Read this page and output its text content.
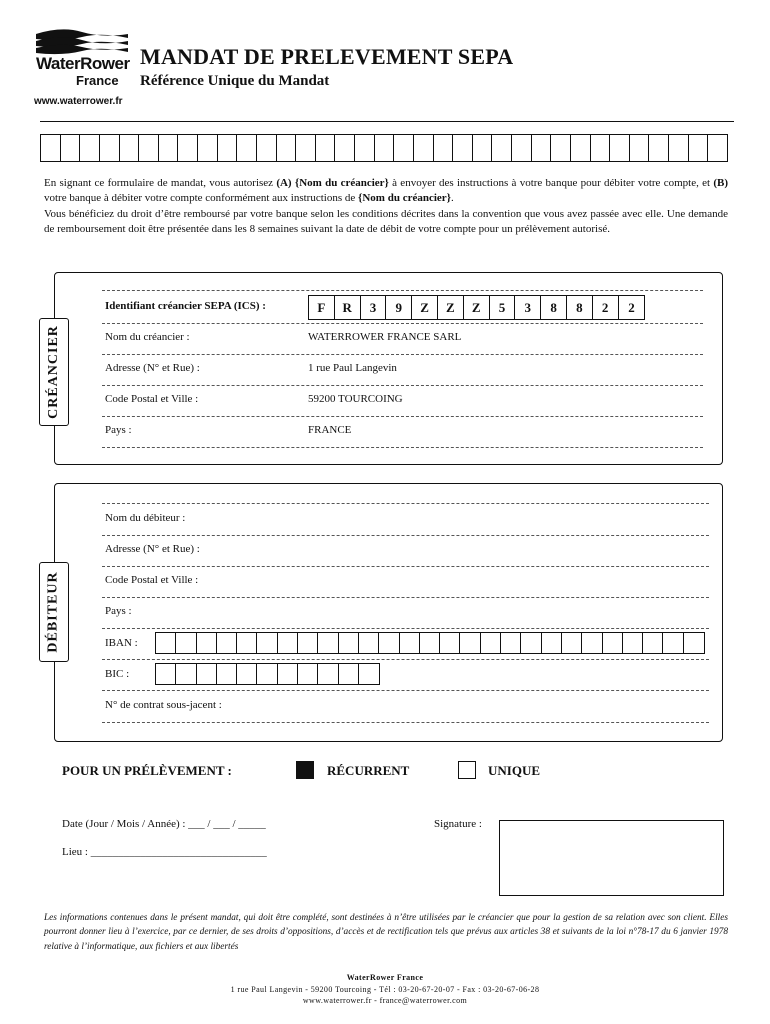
WaterRower
France
www.waterrower.fr
MANDAT DE PRELEVEMENT SEPA
Référence Unique du Mandat

En signant ce formulaire de mandat, vous autorisez (A) {Nom du créancier} à envoyer des instructions à votre banque pour débiter votre compte, et (B) votre banque à débiter votre compte conformément aux instructions de {Nom du créancier}.

Vous bénéficiez du droit d’être remboursé par votre banque selon les conditions décrites dans la convention que vous avez passée avec elle. Une demande de remboursement doit être présentée dans les 8 semaines suivant la date de débit de votre compte pour un prélèvement autorisé.

CRÉANCIER
Identifiant créancier SEPA (ICS) :	F	R	3	9	Z	Z	Z	5	3	8	8	2	2
Nom du créancier :	WATERROWER FRANCE SARL
Adresse (N° et Rue) :	1 rue Paul Langevin
Code Postal et Ville :	59200 TOURCOING
Pays :	FRANCE
DÉBITEUR
Nom du débiteur :
Adresse (N° et Rue) :
Code Postal et Ville :
Pays :
IBAN :
BIC :
N° de contrat sous-jacent :
POUR UN PRÉLÈVEMENT :	RÉCURRENT	UNIQUE
Date (Jour / Mois / Année) : ___ / ___ / _____
Lieu : ________________________________
Signature :
Les informations contenues dans le présent mandat, qui doit être complété, sont destinées à n’être utilisées par le créancier que pour la gestion de sa relation avec son client. Elles pourront donner lieu à l’exercice, par ce dernier, de ses droits d’oppositions, d’accès et de rectification tels que prévus aux articles 38 et suivants de la loi n°78-17 du 6 janvier 1978 relative à l’informatique, aux fichiers et aux libertés
WaterRower France
1 rue Paul Langevin - 59200 Tourcoing - Tél : 03-20-67-20-07 - Fax : 03-20-67-06-28
www.waterrower.fr - france@waterrower.com
